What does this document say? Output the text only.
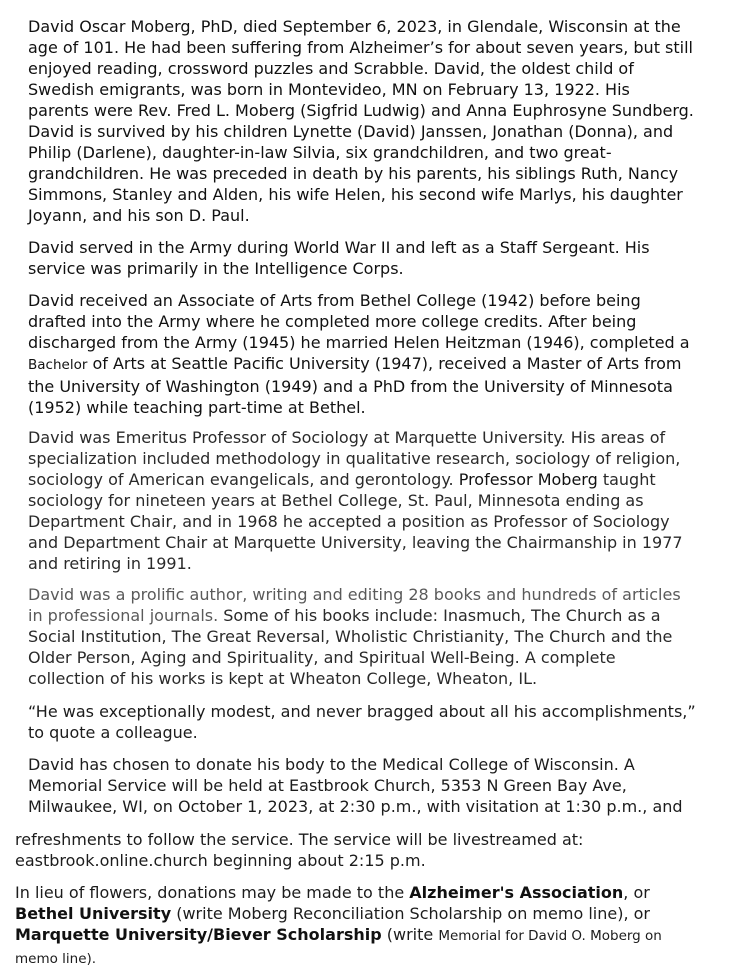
David Oscar Moberg, PhD, died September 6, 2023, in Glendale, Wisconsin at the
age of 101. He had been suffering from Alzheimer’s for about seven years, but still
enjoyed reading, crossword puzzles and Scrabble. David, the oldest child of
Swedish emigrants, was born in Montevideo, MN on February 13, 1922. His
parents were Rev. Fred L. Moberg (Sigfrid Ludwig) and Anna Euphrosyne Sundberg.
David is survived by his children Lynette (David) Janssen, Jonathan (Donna), and
Philip (Darlene), daughter-in-law Silvia, six grandchildren, and two great-
grandchildren. He was preceded in death by his parents, his siblings Ruth, Nancy
Simmons, Stanley and Alden, his wife Helen, his second wife Marlys, his daughter
Joyann, and his son D. Paul.

David served in the Army during World War II and left as a Staff Sergeant. His
service was primarily in the Intelligence Corps.

David received an Associate of Arts from Bethel College (1942) before being
drafted into the Army where he completed more college credits. After being
discharged from the Army (1945) he married Helen Heitzman (1946), completed a
Bachelor of Arts at Seattle Pacific University (1947), received a Master of Arts from
the University of Washington (1949) and a PhD from the University of Minnesota
(1952) while teaching part-time at Bethel.

David was Emeritus Professor of Sociology at Marquette University. His areas of
specialization included methodology in qualitative research, sociology of religion,
sociology of American evangelicals, and gerontology. Professor Moberg taught
sociology for nineteen years at Bethel College, St. Paul, Minnesota ending as
Department Chair, and in 1968 he accepted a position as Professor of Sociology
and Department Chair at Marquette University, leaving the Chairmanship in 1977
and retiring in 1991.

David was a prolific author, writing and editing 28 books and hundreds of articles
in professional journals. Some of his books include: Inasmuch, The Church as a
Social Institution, The Great Reversal, Wholistic Christianity, The Church and the
Older Person, Aging and Spirituality, and Spiritual Well-Being. A complete
collection of his works is kept at Wheaton College, Wheaton, IL.

“He was exceptionally modest, and never bragged about all his accomplishments,”
to quote a colleague.

David has chosen to donate his body to the Medical College of Wisconsin. A
Memorial Service will be held at Eastbrook Church, 5353 N Green Bay Ave,
Milwaukee, WI, on October 1, 2023, at 2:30 p.m., with visitation at 1:30 p.m., and

refreshments to follow the service. The service will be livestreamed at:
eastbrook.online.church beginning about 2:15 p.m.

In lieu of flowers, donations may be made to the Alzheimer's Association, or
Bethel University (write Moberg Reconciliation Scholarship on memo line), or
Marquette University/Biever Scholarship (write Memorial for David O. Moberg on
memo line).
